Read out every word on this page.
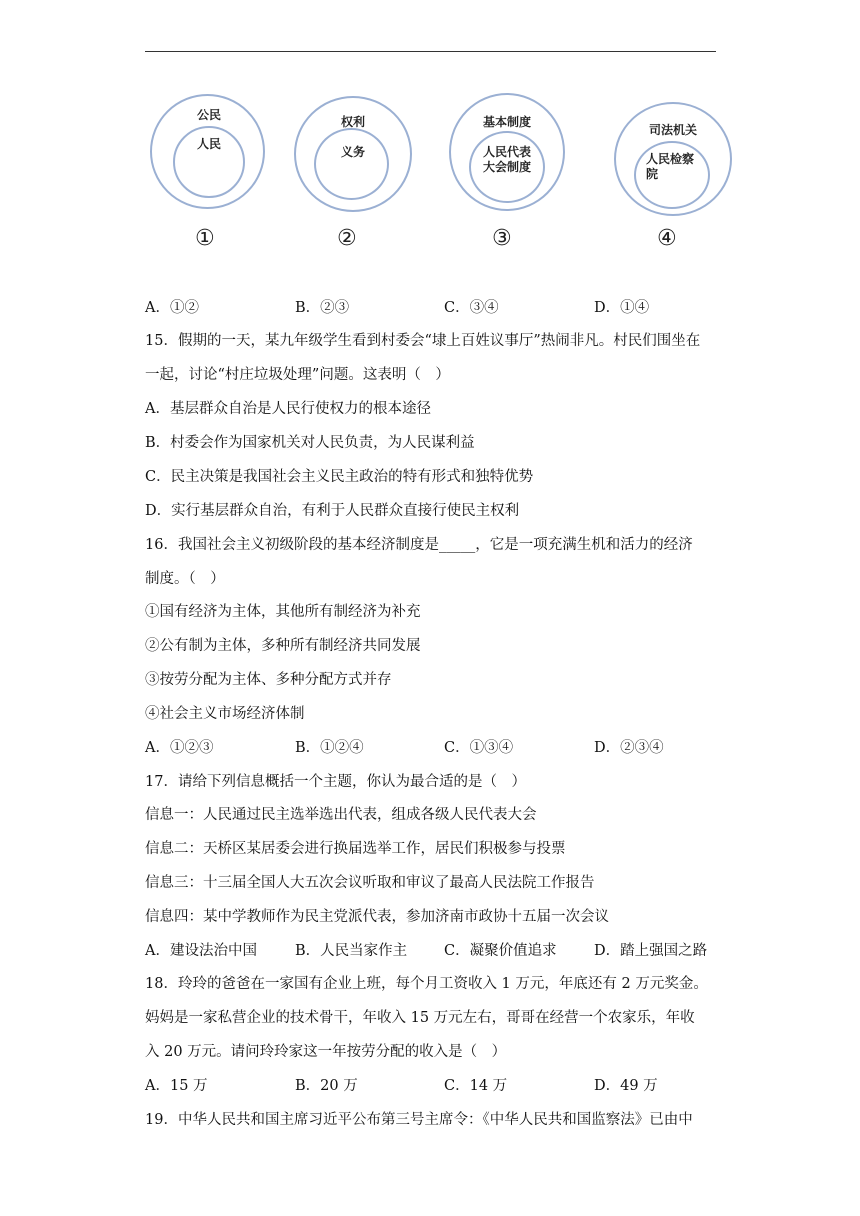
公民
人民
①
权利
义务
②
基本制度
人民代表
大会制度
③
司法机关
人民检察
院
④
A．①②	B．②③	C．③④	D．①④
15．假期的一天，某九年级学生看到村委会“埭上百姓议事厅”热闹非凡。村民们围坐在
一起，讨论“村庄垃圾处理”问题。这表明（　）
A．基层群众自治是人民行使权力的根本途径
B．村委会作为国家机关对人民负责，为人民谋利益
C．民主决策是我国社会主义民主政治的特有形式和独特优势
D．实行基层群众自治，有利于人民群众直接行使民主权利
16．我国社会主义初级阶段的基本经济制度是_____，它是一项充满生机和活力的经济
制度。（　）
①国有经济为主体，其他所有制经济为补充
②公有制为主体，多种所有制经济共同发展
③按劳分配为主体、多种分配方式并存
④社会主义市场经济体制
A．①②③	B．①②④	C．①③④	D．②③④
17．请给下列信息概括一个主题，你认为最合适的是（　）
信息一：人民通过民主选举选出代表，组成各级人民代表大会
信息二：天桥区某居委会进行换届选举工作，居民们积极参与投票
信息三：十三届全国人大五次会议听取和审议了最高人民法院工作报告
信息四：某中学教师作为民主党派代表，参加济南市政协十五届一次会议
A．建设法治中国	B．人民当家作主	C．凝聚价值追求	D．踏上强国之路
18．玲玲的爸爸在一家国有企业上班，每个月工资收入 1 万元，年底还有 2 万元奖金。
妈妈是一家私营企业的技术骨干，年收入 15 万元左右，哥哥在经营一个农家乐，年收
入 20 万元。请问玲玲家这一年按劳分配的收入是（　）
A．15 万	B．20 万	C．14 万	D．49 万
19．中华人民共和国主席习近平公布第三号主席令：《中华人民共和国监察法》已由中
